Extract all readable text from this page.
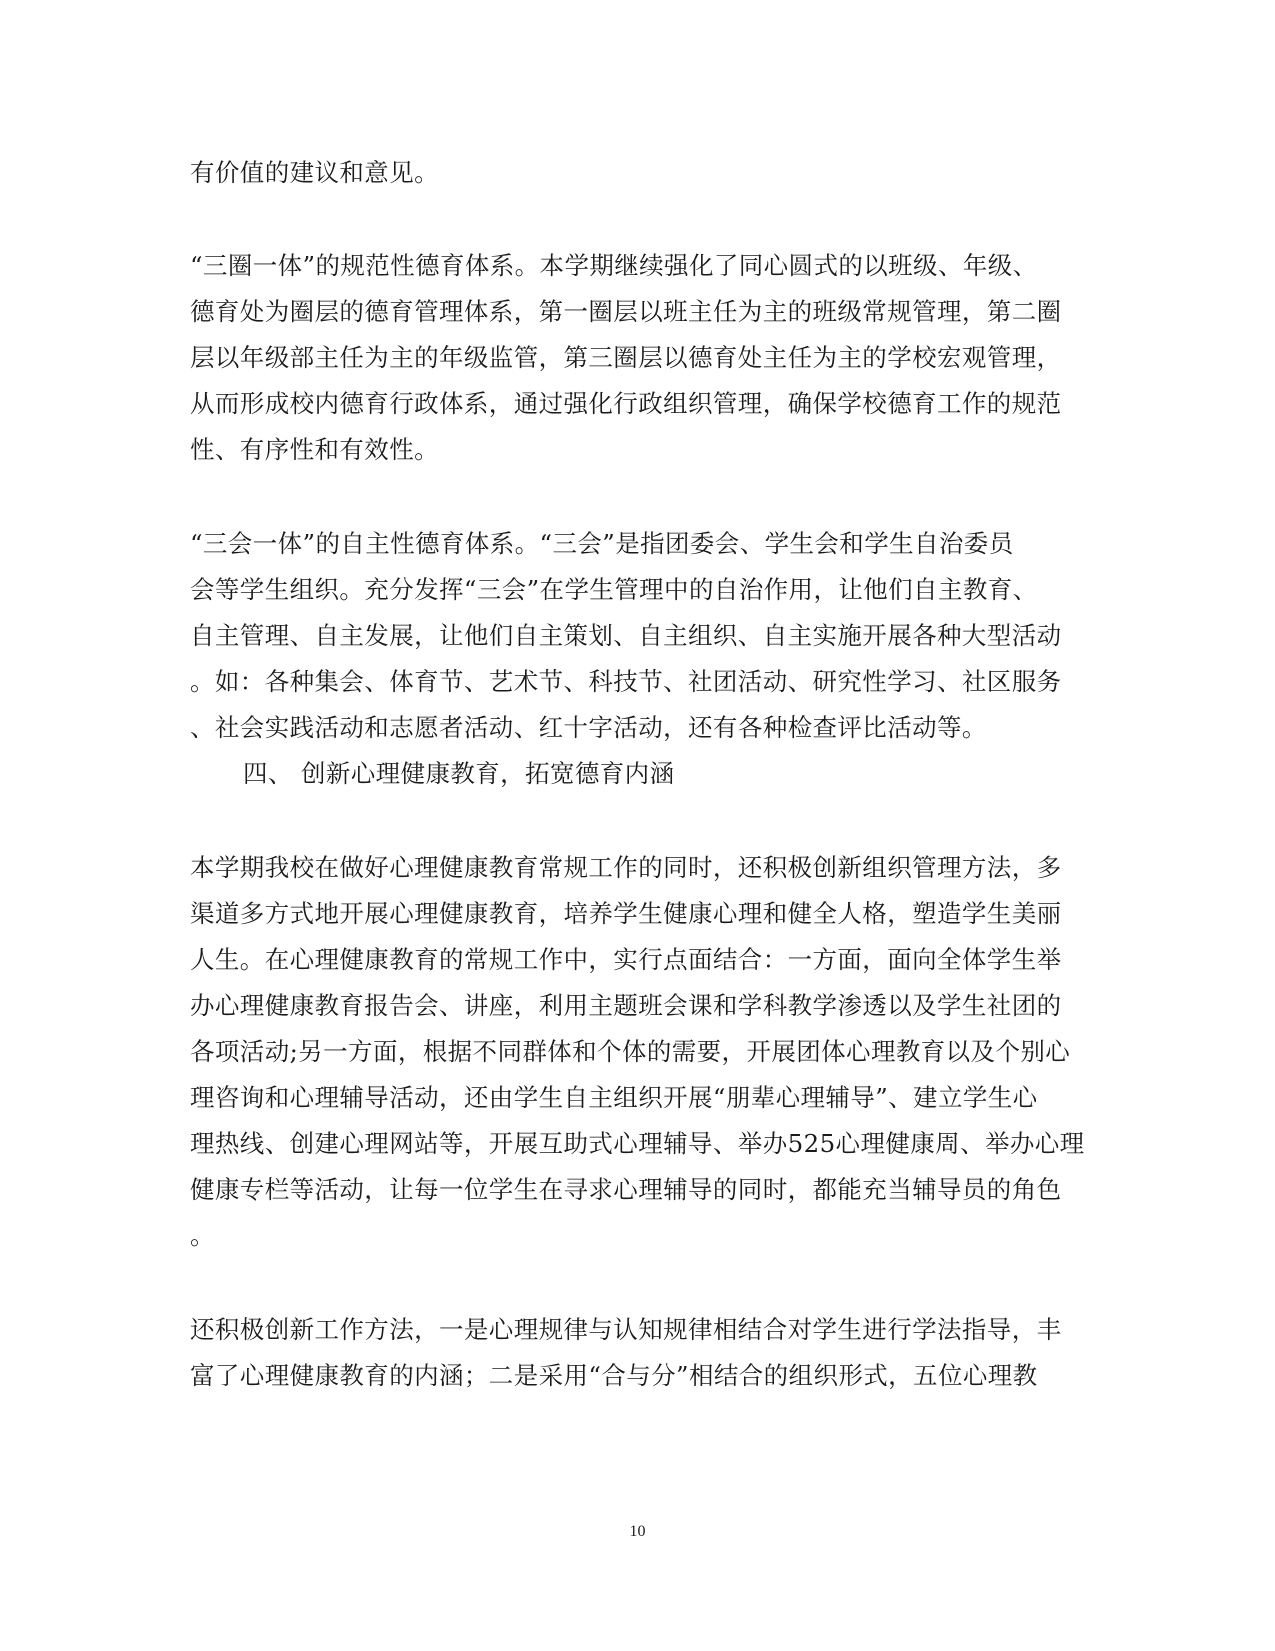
有价值的建议和意见。
“三圈一体”的规范性德育体系。本学期继续强化了同心圆式的以班级、年级、
德育处为圈层的德育管理体系，第一圈层以班主任为主的班级常规管理，第二圈
层以年级部主任为主的年级监管，第三圈层以德育处主任为主的学校宏观管理，
从而形成校内德育行政体系，通过强化行政组织管理，确保学校德育工作的规范
性、有序性和有效性。
“三会一体”的自主性德育体系。“三会”是指团委会、学生会和学生自治委员
会等学生组织。充分发挥“三会”在学生管理中的自治作用，让他们自主教育、
自主管理、自主发展，让他们自主策划、自主组织、自主实施开展各种大型活动
。如：各种集会、体育节、艺术节、科技节、社团活动、研究性学习、社区服务
、社会实践活动和志愿者活动、红十字活动，还有各种检查评比活动等。
四、 创新心理健康教育，拓宽德育内涵
本学期我校在做好心理健康教育常规工作的同时，还积极创新组织管理方法，多
渠道多方式地开展心理健康教育，培养学生健康心理和健全人格，塑造学生美丽
人生。在心理健康教育的常规工作中，实行点面结合：一方面，面向全体学生举
办心理健康教育报告会、讲座，利用主题班会课和学科教学渗透以及学生社团的
各项活动;另一方面，根据不同群体和个体的需要，开展团体心理教育以及个别心
理咨询和心理辅导活动，还由学生自主组织开展“朋辈心理辅导”、建立学生心
理热线、创建心理网站等，开展互助式心理辅导、举办525心理健康周、举办心理
健康专栏等活动，让每一位学生在寻求心理辅导的同时，都能充当辅导员的角色
。
还积极创新工作方法，一是心理规律与认知规律相结合对学生进行学法指导，丰
富了心理健康教育的内涵；二是采用“合与分”相结合的组织形式，五位心理教
10
